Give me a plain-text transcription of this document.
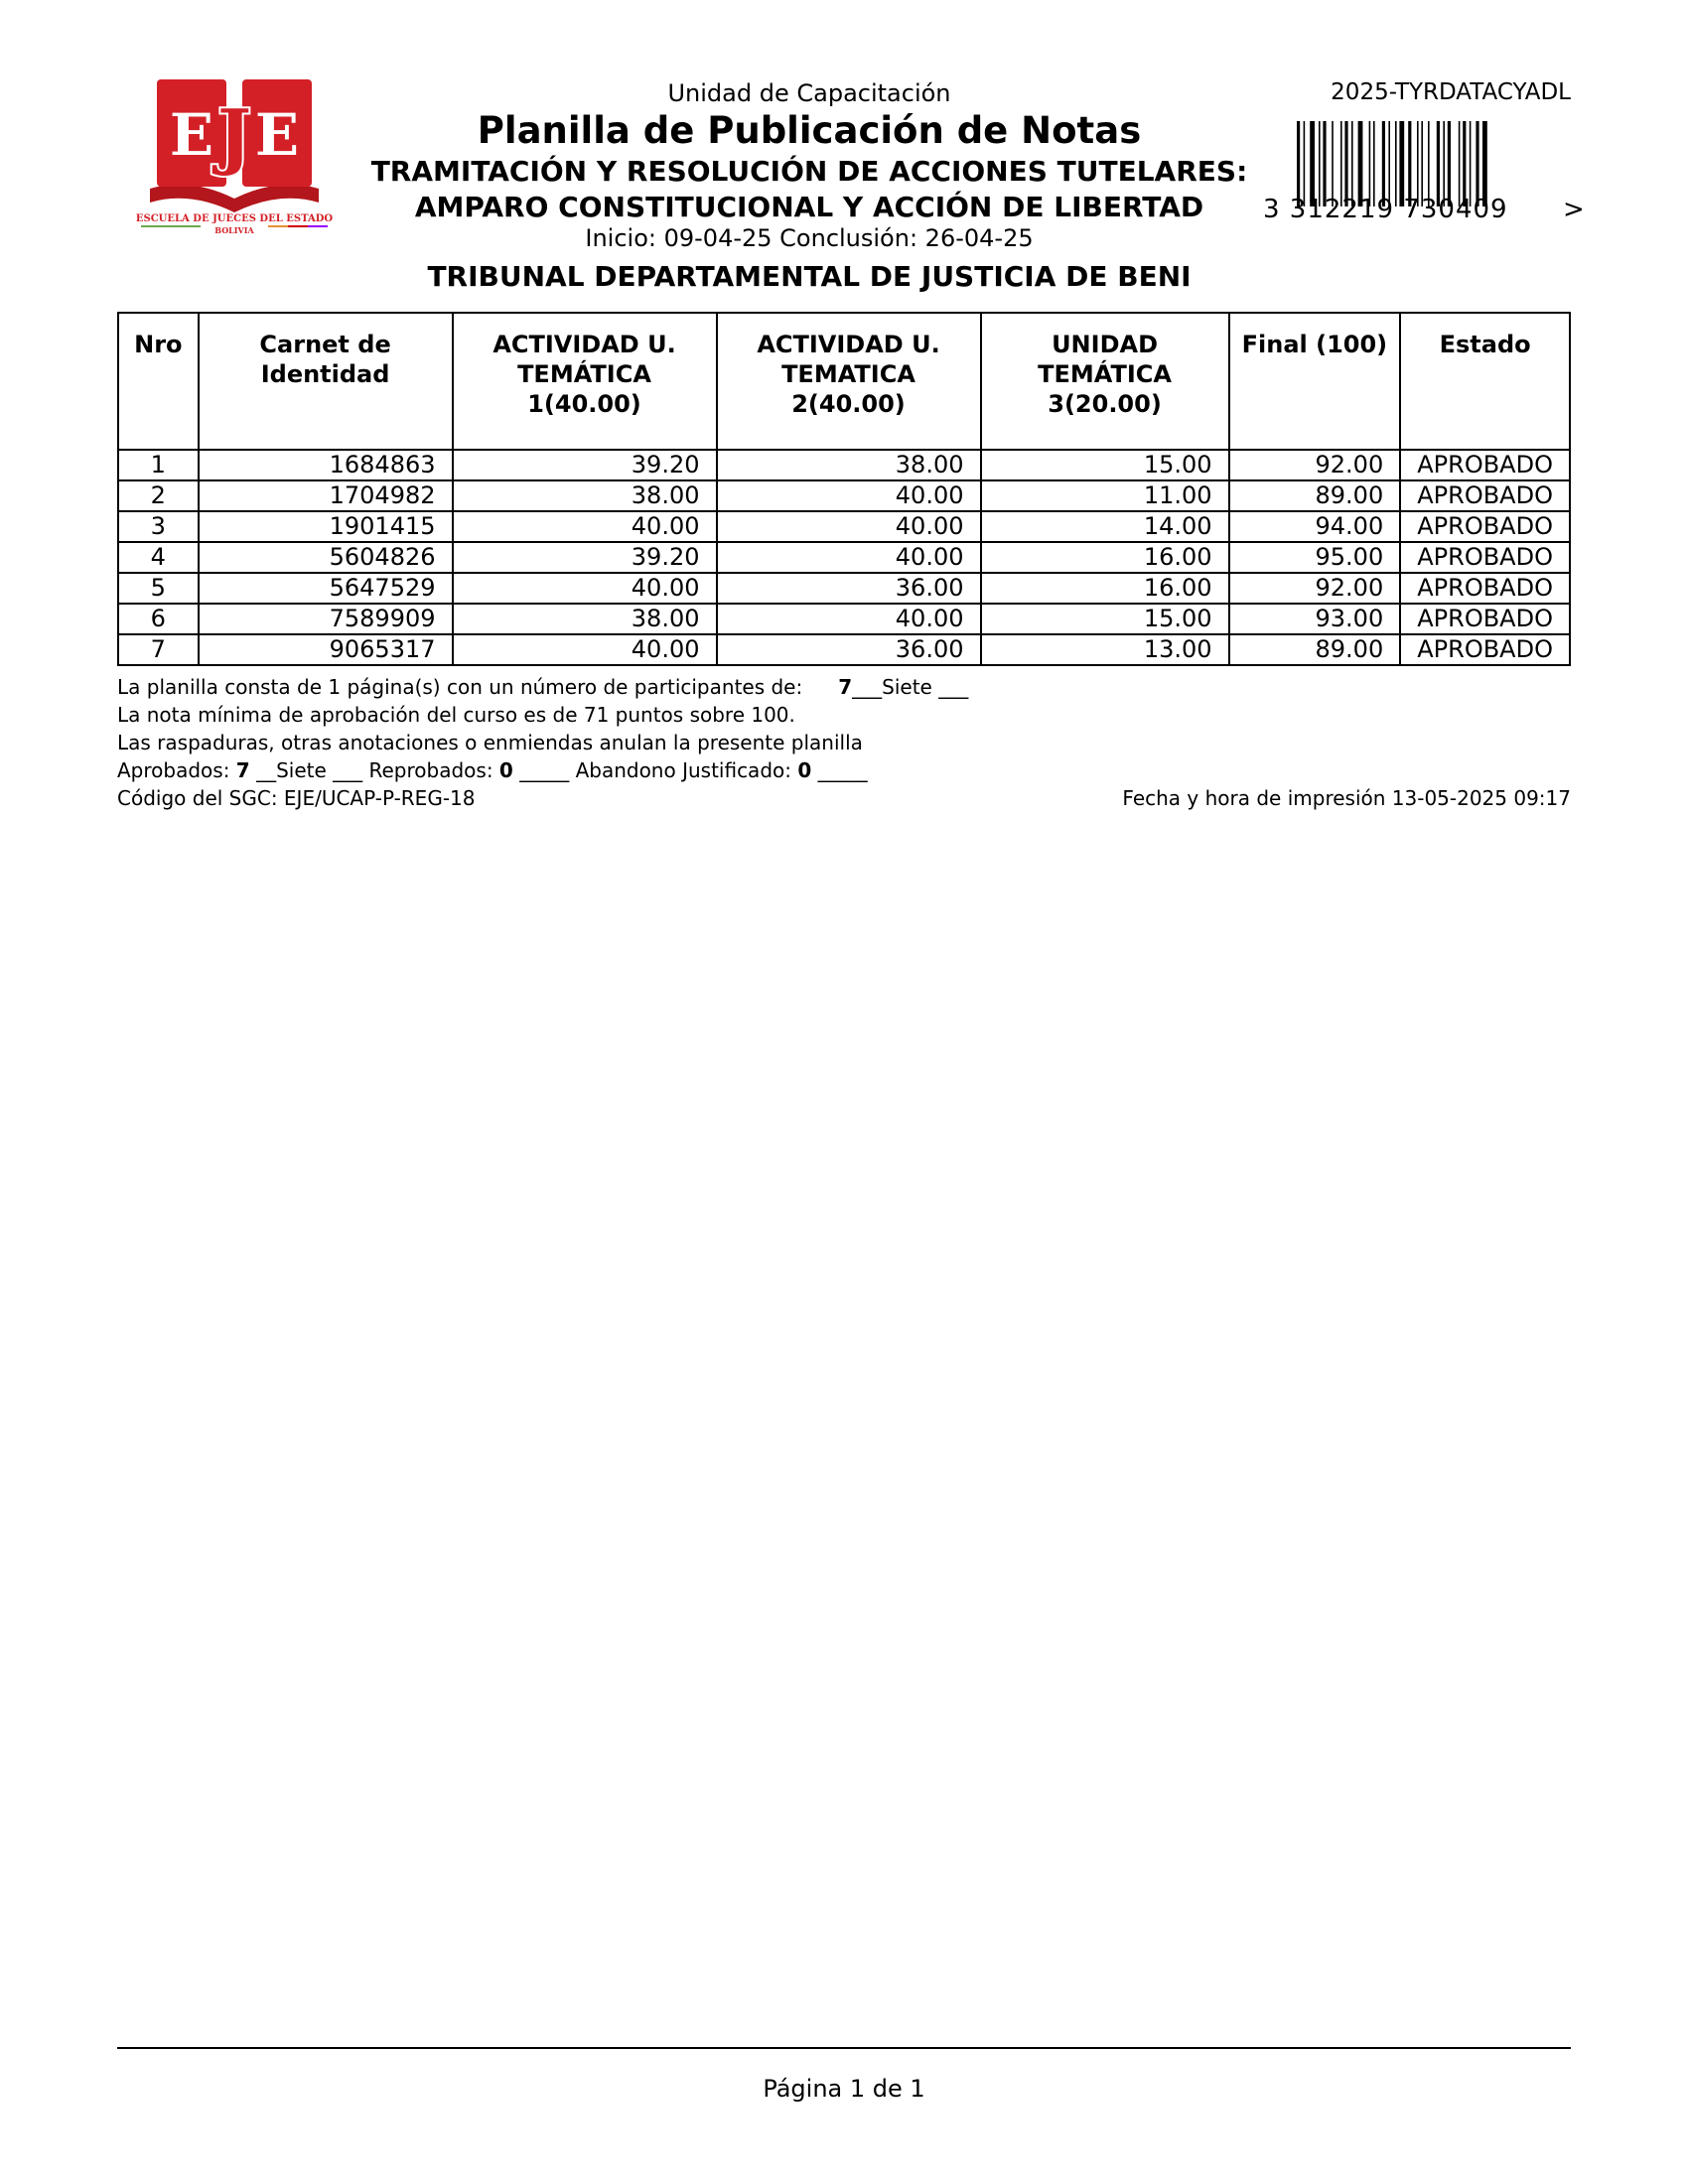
E E
J
ESCUELA DE JUECES DEL ESTADO
BOLIVIA
Unidad de Capacitación
Planilla de Publicación de Notas
TRAMITACIÓN Y RESOLUCIÓN DE ACCIONES TUTELARES:
AMPARO CONSTITUCIONAL Y ACCIÓN DE LIBERTAD
Inicio: 09-04-25 Conclusión: 26-04-25
TRIBUNAL DEPARTAMENTAL DE JUSTICIA DE BENI
2025-TYRDATACYADL
3 312219 730409 >
Nro	Carnet de Identidad	ACTIVIDAD U. TEMÁTICA 1(40.00)	ACTIVIDAD U. TEMATICA 2(40.00)	UNIDAD TEMÁTICA 3(20.00)	Final (100)	Estado
1	1684863	39.20	38.00	15.00	92.00	APROBADO
2	1704982	38.00	40.00	11.00	89.00	APROBADO
3	1901415	40.00	40.00	14.00	94.00	APROBADO
4	5604826	39.20	40.00	16.00	95.00	APROBADO
5	5647529	40.00	36.00	16.00	92.00	APROBADO
6	7589909	38.00	40.00	15.00	93.00	APROBADO
7	9065317	40.00	36.00	13.00	89.00	APROBADO
La planilla consta de 1 página(s) con un número de participantes de: 7___Siete ___
La nota mínima de aprobación del curso es de 71 puntos sobre 100.
Las raspaduras, otras anotaciones o enmiendas anulan la presente planilla
Aprobados: 7 __Siete ___ Reprobados: 0 _____ Abandono Justificado: 0 _____
Código del SGC: EJE/UCAP-P-REG-18	Fecha y hora de impresión 13-05-2025 09:17
Página 1 de 1
